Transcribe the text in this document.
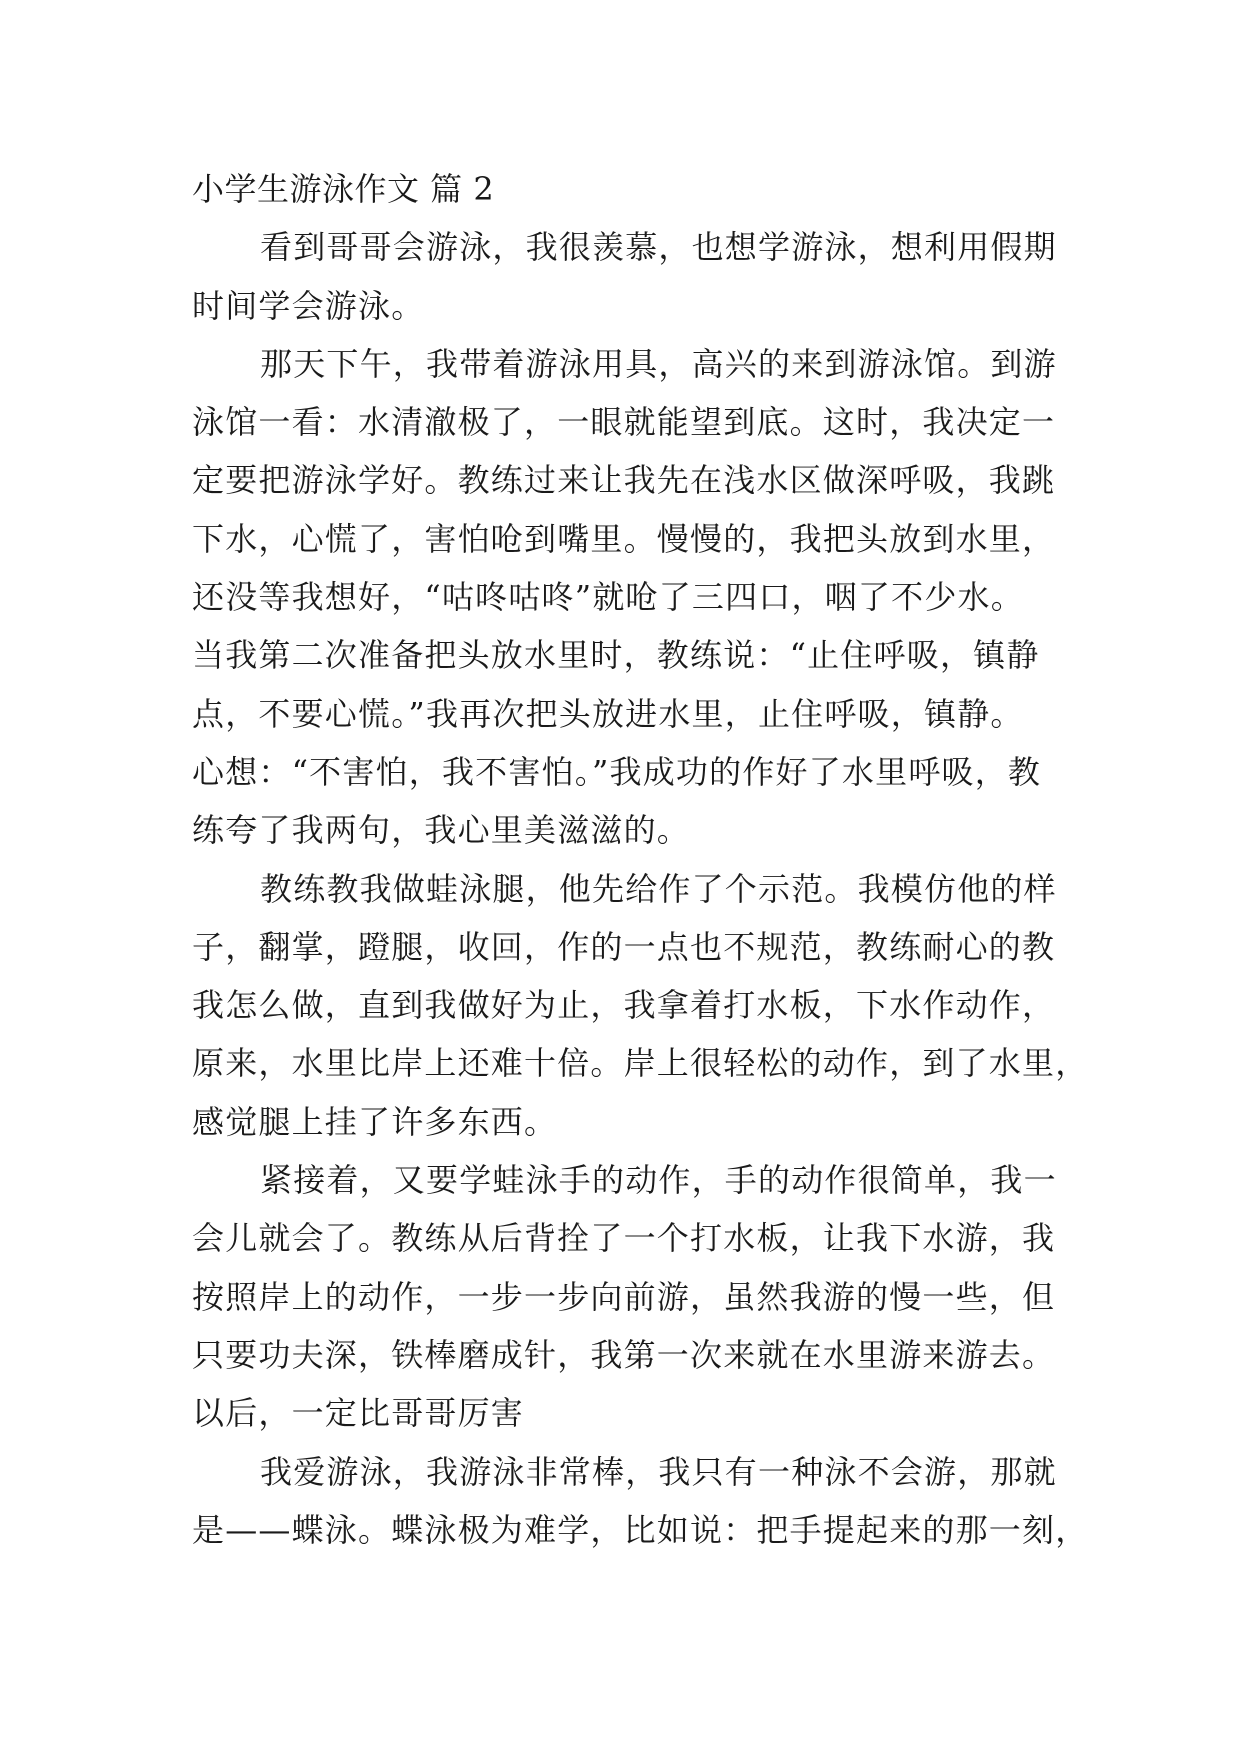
小学生游泳作文 篇 2
看到哥哥会游泳，我很羡慕，也想学游泳，想利用假期
时间学会游泳。
那天下午，我带着游泳用具，高兴的来到游泳馆。到游
泳馆一看：水清澈极了，一眼就能望到底。这时，我决定一
定要把游泳学好。教练过来让我先在浅水区做深呼吸，我跳
下水，心慌了，害怕呛到嘴里。慢慢的，我把头放到水里，
还没等我想好，“咕咚咕咚”就呛了三四口，咽了不少水。
当我第二次准备把头放水里时，教练说：“止住呼吸，镇静
点，不要心慌。”我再次把头放进水里，止住呼吸，镇静。
心想：“不害怕，我不害怕。”我成功的作好了水里呼吸，教
练夸了我两句，我心里美滋滋的。
教练教我做蛙泳腿，他先给作了个示范。我模仿他的样
子，翻掌，蹬腿，收回，作的一点也不规范，教练耐心的教
我怎么做，直到我做好为止，我拿着打水板，下水作动作，
原来，水里比岸上还难十倍。岸上很轻松的动作，到了水里，
感觉腿上挂了许多东西。
紧接着，又要学蛙泳手的动作，手的动作很简单，我一
会儿就会了。教练从后背拴了一个打水板，让我下水游，我
按照岸上的动作，一步一步向前游，虽然我游的慢一些，但
只要功夫深，铁棒磨成针，我第一次来就在水里游来游去。
以后，一定比哥哥厉害
我爱游泳，我游泳非常棒，我只有一种泳不会游，那就
是——蝶泳。蝶泳极为难学，比如说：把手提起来的那一刻，
